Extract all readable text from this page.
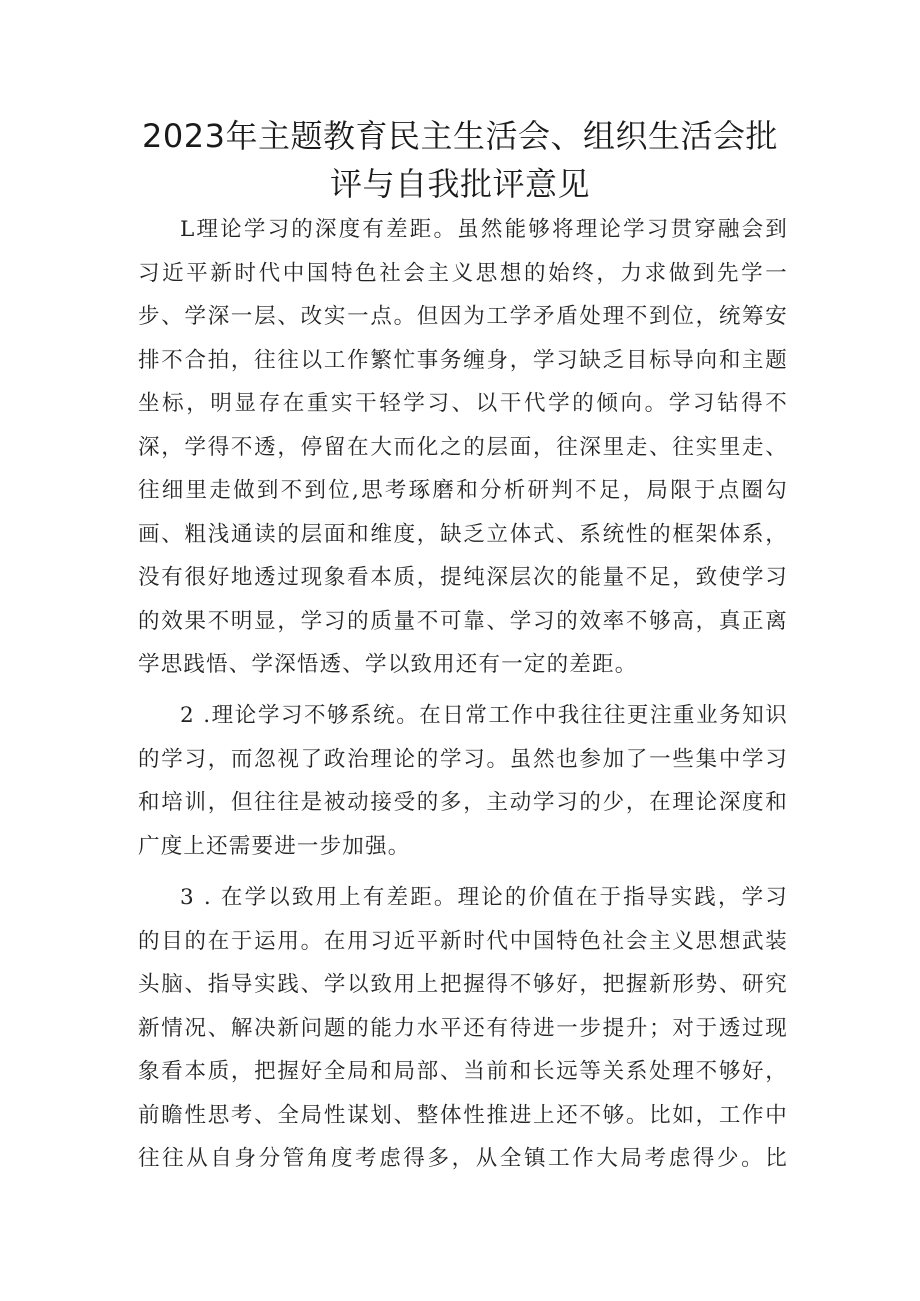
2023年主题教育民主生活会、组织生活会批
评与自我批评意见
L理论学习的深度有差距。虽然能够将理论学习贯穿融会到
习近平新时代中国特色社会主义思想的始终，力求做到先学一
步、学深一层、改实一点。但因为工学矛盾处理不到位，统筹安
排不合拍，往往以工作繁忙事务缠身，学习缺乏目标导向和主题
坐标，明显存在重实干轻学习、以干代学的倾向。学习钻得不
深，学得不透，停留在大而化之的层面，往深里走、往实里走、
往细里走做到不到位,思考琢磨和分析研判不足，局限于点圈勾
画、粗浅通读的层面和维度，缺乏立体式、系统性的框架体系，
没有很好地透过现象看本质，提纯深层次的能量不足，致使学习
的效果不明显，学习的质量不可靠、学习的效率不够高，真正离
学思践悟、学深悟透、学以致用还有一定的差距。
2 .理论学习不够系统。在日常工作中我往往更注重业务知识
的学习，而忽视了政治理论的学习。虽然也参加了一些集中学习
和培训，但往往是被动接受的多，主动学习的少，在理论深度和
广度上还需要进一步加强。
3 . 在学以致用上有差距。理论的价值在于指导实践，学习
的目的在于运用。在用习近平新时代中国特色社会主义思想武装
头脑、指导实践、学以致用上把握得不够好，把握新形势、研究
新情况、解决新问题的能力水平还有待进一步提升；对于透过现
象看本质，把握好全局和局部、当前和长远等关系处理不够好，
前瞻性思考、全局性谋划、整体性推进上还不够。比如，工作中
往往从自身分管角度考虑得多，从全镇工作大局考虑得少。比
